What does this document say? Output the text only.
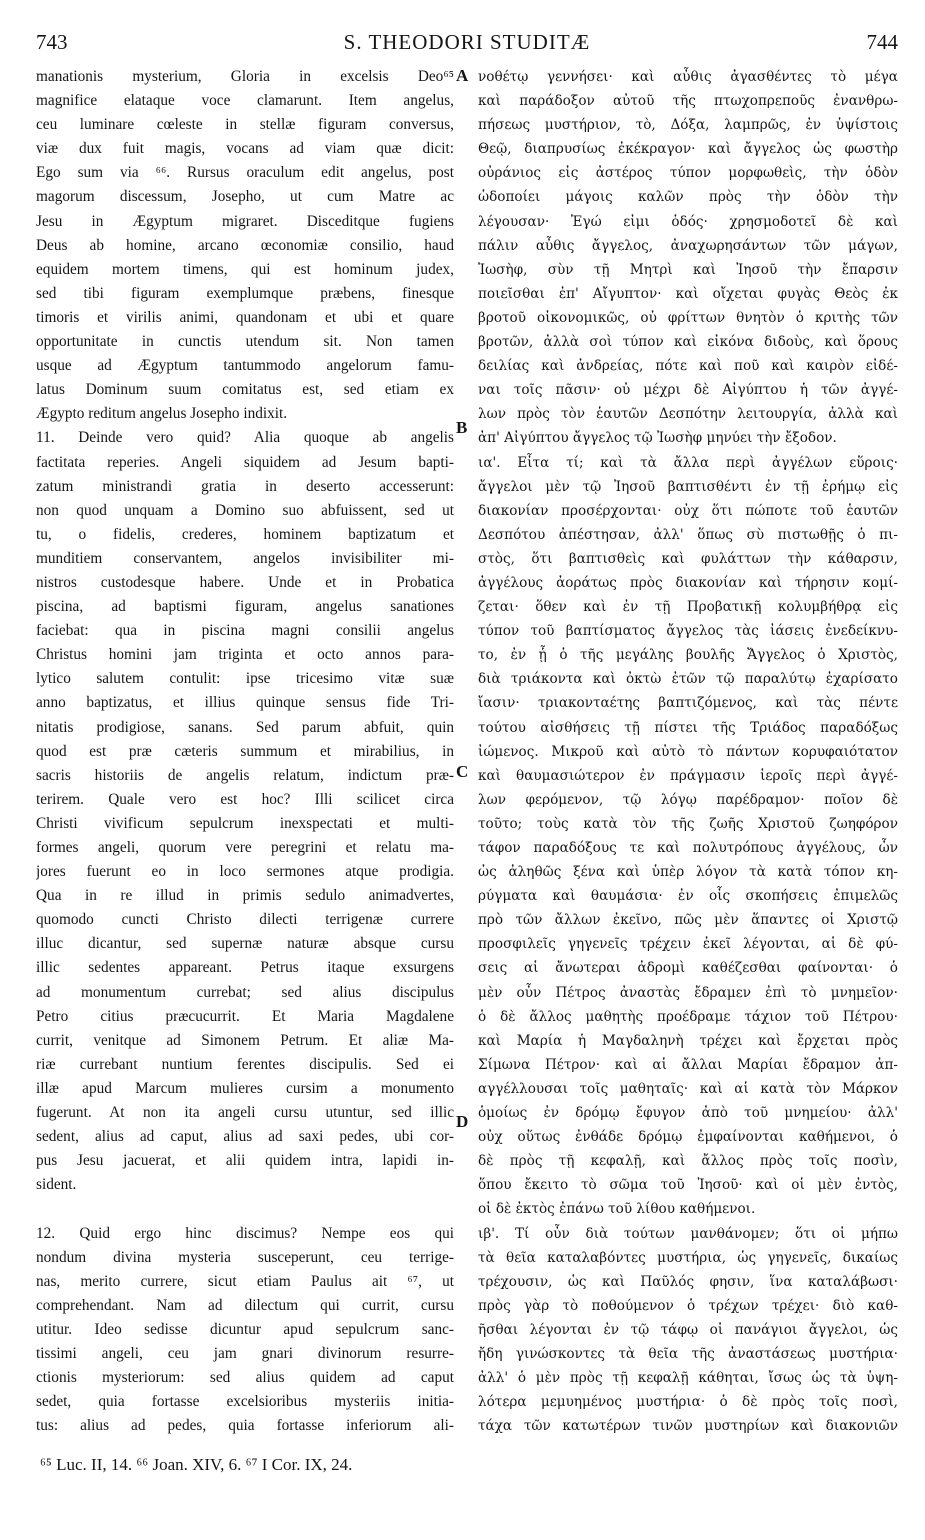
743	S. THEODORI STUDITÆ	744
manationis mysterium, Gloria in excelsis Deo⁶⁵
magnifice elataque voce clamarunt. Item angelus,
ceu luminare cœleste in stellæ figuram conversus,
viæ dux fuit magis, vocans ad viam quæ dicit:
Ego sum via ⁶⁶. Rursus oraculum edit angelus, post
magorum discessum, Josepho, ut cum Matre ac
Jesu in Ægyptum migraret. Disceditque fugiens
Deus ab homine, arcano œconomiæ consilio, haud
equidem mortem timens, qui est hominum judex,
sed tibi figuram exemplumque præbens, finesque
timoris et virilis animi, quandonam et ubi et quare
opportunitate in cunctis utendum sit. Non tamen
usque ad Ægyptum tantummodo angelorum famu-
latus Dominum suum comitatus est, sed etiam ex
Ægypto reditum angelus Josepho indixit.
11. Deinde vero quid? Alia quoque ab angelis
factitata reperies. Angeli siquidem ad Jesum bapti-
zatum ministrandi gratia in deserto accesserunt:
non quod unquam a Domino suo abfuissent, sed ut
tu, o fidelis, crederes, hominem baptizatum et
munditiem conservantem, angelos invisibiliter mi-
nistros custodesque habere. Unde et in Probatica
piscina, ad baptismi figuram, angelus sanationes
faciebat: qua in piscina magni consilii angelus
Christus homini jam triginta et octo annos para-
lytico salutem contulit: ipse tricesimo vitæ suæ
anno baptizatus, et illius quinque sensus fide Tri-
nitatis prodigiose, sanans. Sed parum abfuit, quin
quod est præ cæteris summum et mirabilius, in
sacris historiis de angelis relatum, indictum præ-
terirem. Quale vero est hoc? Illi scilicet circa
Christi vivificum sepulcrum inexspectati et multi-
formes angeli, quorum vere peregrini et relatu ma-
jores fuerunt eo in loco sermones atque prodigia.
Qua in re illud in primis sedulo animadvertes,
quomodo cuncti Christo dilecti terrigenæ currere
illuc dicantur, sed supernæ naturæ absque cursu
illic sedentes appareant. Petrus itaque exsurgens
ad monumentum currebat; sed alius discipulus
Petro citius præcucurrit. Et Maria Magdalene
currit, venitque ad Simonem Petrum. Et aliæ Ma-
riæ currebant nuntium ferentes discipulis. Sed ei
illæ apud Marcum mulieres cursim a monumento
fugerunt. At non ita angeli cursu utuntur, sed illic
sedent, alius ad caput, alius ad saxi pedes, ubi cor-
pus Jesu jacuerat, et alii quidem intra, lapidi in-
sident.
12. Quid ergo hinc discimus? Nempe eos qui
nondum divina mysteria susceperunt, ceu terrige-
nas, merito currere, sicut etiam Paulus ait ⁶⁷, ut
comprehendant. Nam ad dilectum qui currit, cursu
utitur. Ideo sedisse dicuntur apud sepulcrum sanc-
tissimi angeli, ceu jam gnari divinorum resurre-
ctionis mysteriorum: sed alius quidem ad caput
sedet, quia fortasse excelsioribus mysteriis initia-
tus: alius ad pedes, quia fortasse inferiorum ali-
νοθέτῳ γεννήσει· καὶ αὖθις ἀγασθέντες τὸ μέγα
καὶ παράδοξον αὐτοῦ τῆς πτωχοπρεποῦς ἐνανθρω-
πήσεως μυστήριον, τὸ, Δόξα, λαμπρῶς, ἐν ὑψίστοις
Θεῷ, διαπρυσίως ἐκέκραγον· καὶ ἄγγελος ὡς φωστὴρ
οὐράνιος εἰς ἀστέρος τύπον μορφωθεὶς, τὴν ὁδὸν
ὡδοποίει μάγοις καλῶν πρὸς τὴν ὁδὸν τὴν
λέγουσαν· Ἐγώ εἰμι ὁδός· χρησμοδοτεῖ δὲ καὶ
πάλιν αὖθις ἄγγελος, ἀναχωρησάντων τῶν μάγων,
Ἰωσὴφ, σὺν τῇ Μητρὶ καὶ Ἰησοῦ τὴν ἔπαρσιν
ποιεῖσθαι ἐπ' Αἴγυπτον· καὶ οἴχεται φυγὰς Θεὸς ἐκ
βροτοῦ οἰκονομικῶς, οὐ φρίττων θνητὸν ὁ κριτὴς τῶν
βροτῶν, ἀλλὰ σοὶ τύπον καὶ εἰκόνα διδοὺς, καὶ ὅρους
δειλίας καὶ ἀνδρείας, πότε καὶ ποῦ καὶ καιρὸν εἰδέ-
ναι τοῖς πᾶσιν· οὐ μέχρι δὲ Αἰγύπτου ἡ τῶν ἀγγέ-
λων πρὸς τὸν ἑαυτῶν Δεσπότην λειτουργία, ἀλλὰ καὶ
ἀπ' Αἰγύπτου ἄγγελος τῷ Ἰωσὴφ μηνύει τὴν ἔξοδον.
ια'. Εἶτα τί; καὶ τὰ ἄλλα περὶ ἀγγέλων εὕροις·
ἄγγελοι μὲν τῷ Ἰησοῦ βαπτισθέντι ἐν τῇ ἐρήμῳ εἰς
διακονίαν προσέρχονται· οὐχ ὅτι πώποτε τοῦ ἑαυτῶν
Δεσπότου ἀπέστησαν, ἀλλ' ὅπως σὺ πιστωθῇς ὁ πι-
στὸς, ὅτι βαπτισθεὶς καὶ φυλάττων τὴν κάθαρσιν,
ἀγγέλους ἀοράτως πρὸς διακονίαν καὶ τήρησιν κομί-
ζεται· ὅθεν καὶ ἐν τῇ Προβατικῇ κολυμβήθρᾳ εἰς
τύπον τοῦ βαπτίσματος ἄγγελος τὰς ἰάσεις ἐνεδείκνυ-
το, ἐν ᾗ ὁ τῆς μεγάλης βουλῆς Ἄγγελος ὁ Χριστὸς,
διὰ τριάκοντα καὶ ὀκτὼ ἐτῶν τῷ παραλύτῳ ἐχαρίσατο
ἴασιν· τριακονταέτης βαπτιζόμενος, καὶ τὰς πέντε
τούτου αἰσθήσεις τῇ πίστει τῆς Τριάδος παραδόξως
ἰώμενος. Μικροῦ καὶ αὐτὸ τὸ πάντων κορυφαιότατον
καὶ θαυμασιώτερον ἐν πράγμασιν ἱεροῖς περὶ ἀγγέ-
λων φερόμενον, τῷ λόγῳ παρέδραμον· ποῖον δὲ
τοῦτο; τοὺς κατὰ τὸν τῆς ζωῆς Χριστοῦ ζωηφόρον
τάφον παραδόξους τε καὶ πολυτρόπους ἀγγέλους, ὧν
ὡς ἀληθῶς ξένα καὶ ὑπὲρ λόγον τὰ κατὰ τόπον κη-
ρύγματα καὶ θαυμάσια· ἐν οἷς σκοπήσεις ἐπιμελῶς
πρὸ τῶν ἄλλων ἐκεῖνο, πῶς μὲν ἅπαντες οἱ Χριστῷ
προσφιλεῖς γηγενεῖς τρέχειν ἐκεῖ λέγονται, αἱ δὲ φύ-
σεις αἱ ἄνωτεραι ἀδρομὶ καθέζεσθαι φαίνονται· ὁ
μὲν οὖν Πέτρος ἀναστὰς ἔδραμεν ἐπὶ τὸ μνημεῖον·
ὁ δὲ ἄλλος μαθητὴς προέδραμε τάχιον τοῦ Πέτρου·
καὶ Μαρία ἡ Μαγδαληνὴ τρέχει καὶ ἔρχεται πρὸς
Σίμωνα Πέτρον· καὶ αἱ ἄλλαι Μαρίαι ἔδραμον ἀπ-
αγγέλλουσαι τοῖς μαθηταῖς· καὶ αἱ κατὰ τὸν Μάρκον
ὁμοίως ἐν δρόμῳ ἔφυγον ἀπὸ τοῦ μνημείου· ἀλλ'
οὐχ οὕτως ἐνθάδε δρόμῳ ἐμφαίνονται καθήμενοι, ὁ
δὲ πρὸς τῇ κεφαλῇ, καὶ ἄλλος πρὸς τοῖς ποσὶν,
ὅπου ἔκειτο τὸ σῶμα τοῦ Ἰησοῦ· καὶ οἱ μὲν ἐντὸς,
οἱ δὲ ἐκτὸς ἐπάνω τοῦ λίθου καθήμενοι.
ιβ'. Τί οὖν διὰ τούτων μανθάνομεν; ὅτι οἱ μήπω
τὰ θεῖα καταλαβόντες μυστήρια, ὡς γηγενεῖς, δικαίως
τρέχουσιν, ὡς καὶ Παῦλός φησιν, ἵνα καταλάβωσι·
πρὸς γὰρ τὸ ποθούμενον ὁ τρέχων τρέχει· διὸ καθ-
ῆσθαι λέγονται ἐν τῷ τάφῳ οἱ πανάγιοι ἄγγελοι, ὡς
ἤδη γινώσκοντες τὰ θεῖα τῆς ἀναστάσεως μυστήρια·
ἀλλ' ὁ μὲν πρὸς τῇ κεφαλῇ κάθηται, ἴσως ὡς τὰ ὑψη-
λότερα μεμυημένος μυστήρια· ὁ δὲ πρὸς τοῖς ποσὶ,
τάχα τῶν κατωτέρων τινῶν μυστηρίων καὶ διακονιῶν
A
B
C
D
⁶⁵ Luc. II, 14. ⁶⁶ Joan. XIV, 6. ⁶⁷ I Cor. IX, 24.
